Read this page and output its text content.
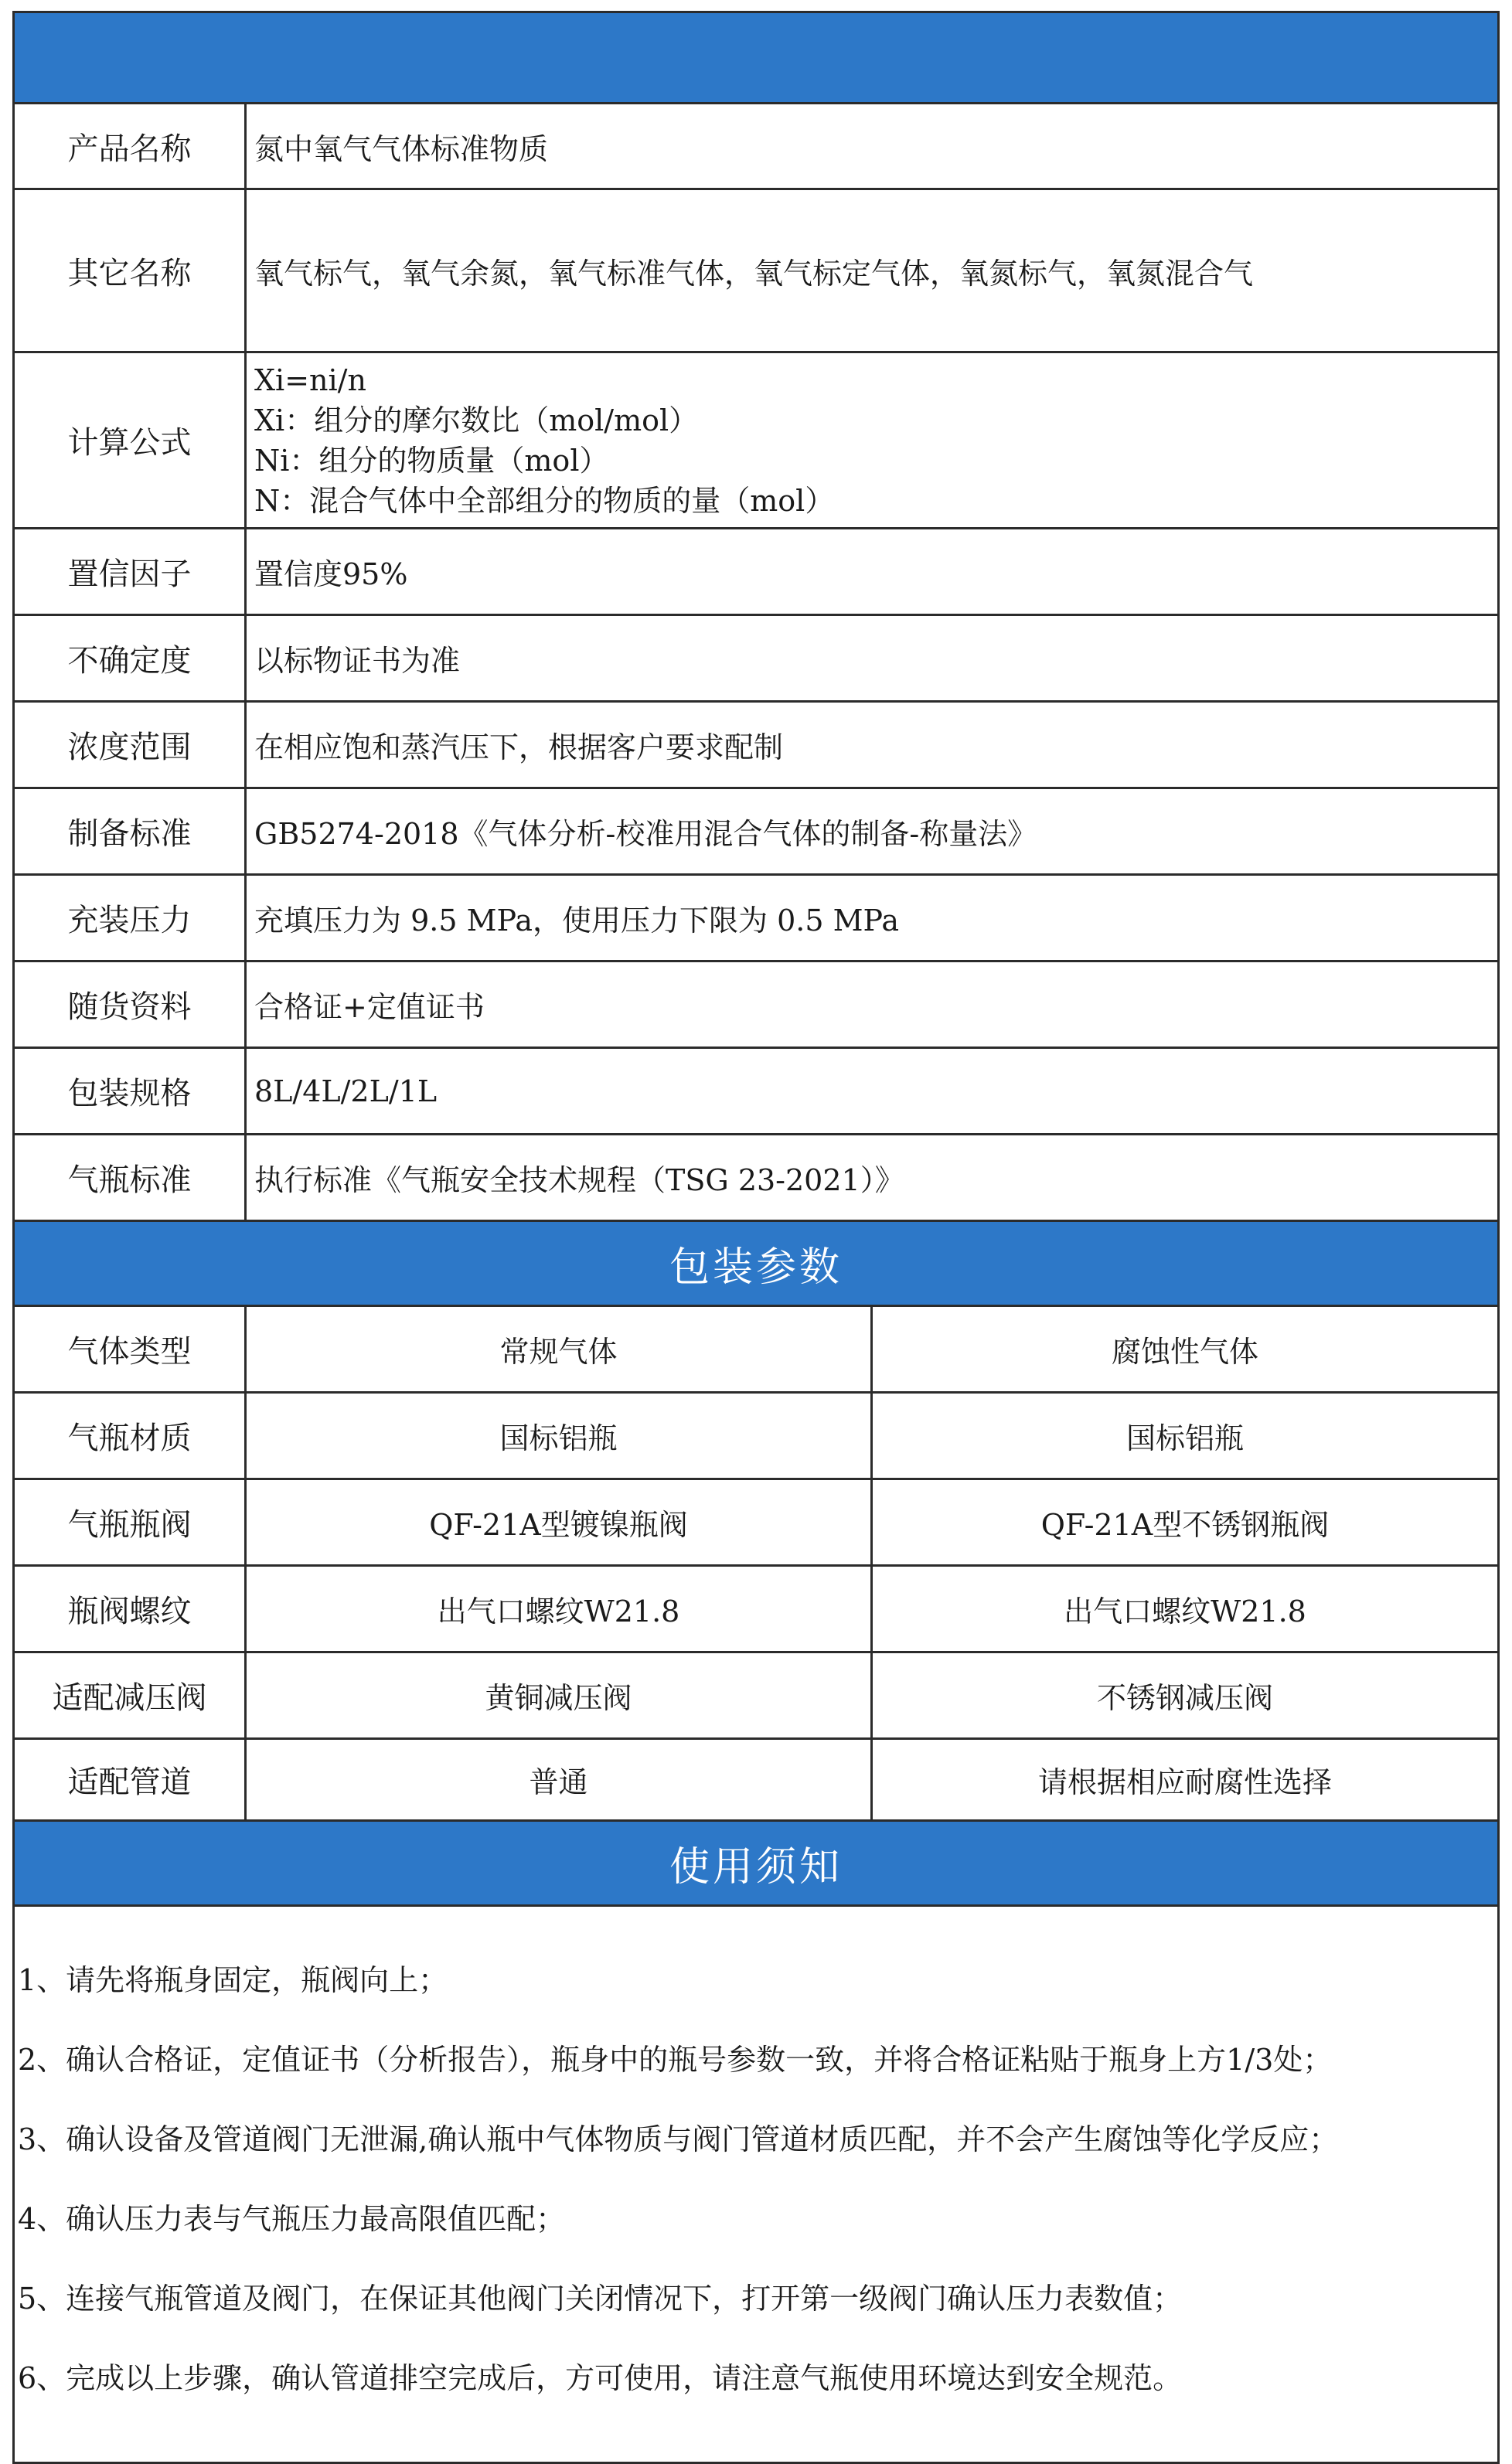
产品名称	氮中氧气气体标准物质
其它名称	氧气标气，氧气余氮，氧气标准气体，氧气标定气体，氧氮标气，氧氮混合气
计算公式
Xi=ni/n
Xi：组分的摩尔数比（mol/mol）
Ni：组分的物质量（mol）
N：混合气体中全部组分的物质的量（mol）
置信因子	置信度95%
不确定度	以标物证书为准
浓度范围	在相应饱和蒸汽压下，根据客户要求配制
制备标准	GB5274-2018《气体分析-校准用混合气体的制备-称量法》
充装压力	充填压力为 9.5 MPa，使用压力下限为 0.5 MPa
随货资料	合格证+定值证书
包装规格	8L/4L/2L/1L
气瓶标准	执行标准《气瓶安全技术规程（TSG 23-2021）》
包装参数
气体类型	常规气体	腐蚀性气体
气瓶材质	国标铝瓶	国标铝瓶
气瓶瓶阀	QF-21A型镀镍瓶阀	QF-21A型不锈钢瓶阀
瓶阀螺纹	出气口螺纹W21.8	出气口螺纹W21.8
适配减压阀	黄铜减压阀	不锈钢减压阀
适配管道	普通	请根据相应耐腐性选择
使用须知
1、请先将瓶身固定，瓶阀向上；
2、确认合格证，定值证书（分析报告），瓶身中的瓶号参数一致，并将合格证粘贴于瓶身上方1/3处；
3、确认设备及管道阀门无泄漏,确认瓶中气体物质与阀门管道材质匹配，并不会产生腐蚀等化学反应；
4、确认压力表与气瓶压力最高限值匹配；
5、连接气瓶管道及阀门，在保证其他阀门关闭情况下，打开第一级阀门确认压力表数值；
6、完成以上步骤，确认管道排空完成后，方可使用，请注意气瓶使用环境达到安全规范。
